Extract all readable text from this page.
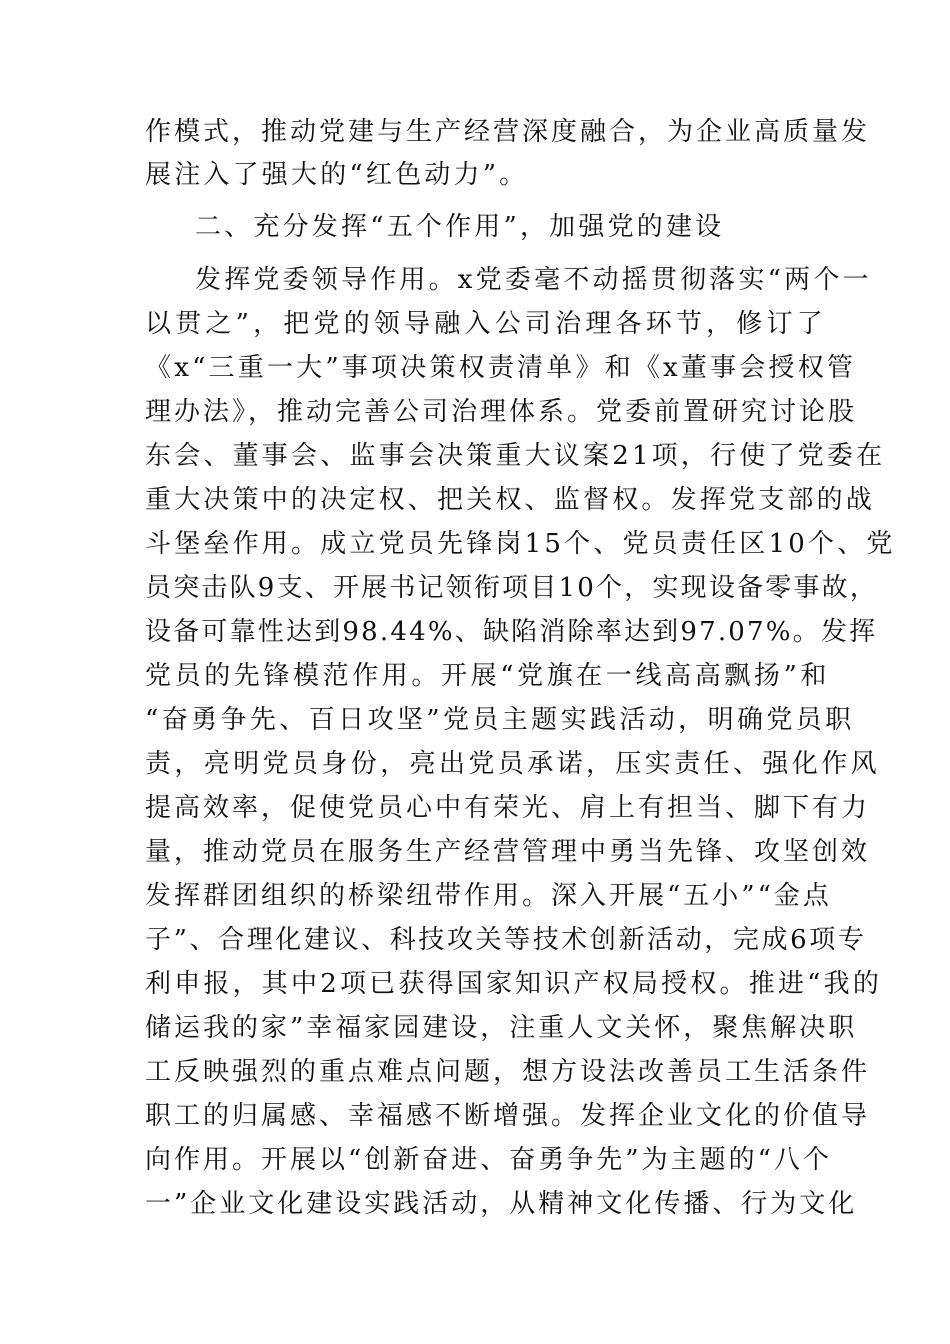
作模式，推动党建与生产经营深度融合，为企业高质量发
展注入了强大的“红色动力”。
二、充分发挥“五个作用”，加强党的建设
发挥党委领导作用。x党委毫不动摇贯彻落实“两个一
以贯之”，把党的领导融入公司治理各环节，修订了
《x“三重一大”事项决策权责清单》和《x董事会授权管
理办法》，推动完善公司治理体系。党委前置研究讨论股
东会、董事会、监事会决策重大议案21项，行使了党委在
重大决策中的决定权、把关权、监督权。发挥党支部的战
斗堡垒作用。成立党员先锋岗15个、党员责任区10个、党
员突击队9支、开展书记领衔项目10个，实现设备零事故，
设备可靠性达到98.44%、缺陷消除率达到97.07%。发挥
党员的先锋模范作用。开展“党旗在一线高高飘扬”和
“奋勇争先、百日攻坚”党员主题实践活动，明确党员职
责，亮明党员身份，亮出党员承诺，压实责任、强化作风
提高效率，促使党员心中有荣光、肩上有担当、脚下有力
量，推动党员在服务生产经营管理中勇当先锋、攻坚创效
发挥群团组织的桥梁纽带作用。深入开展“五小”“金点
子”、合理化建议、科技攻关等技术创新活动，完成6项专
利申报，其中2项已获得国家知识产权局授权。推进“我的
储运我的家”幸福家园建设，注重人文关怀，聚焦解决职
工反映强烈的重点难点问题，想方设法改善员工生活条件
职工的归属感、幸福感不断增强。发挥企业文化的价值导
向作用。开展以“创新奋进、奋勇争先”为主题的“八个
一”企业文化建设实践活动，从精神文化传播、行为文化
